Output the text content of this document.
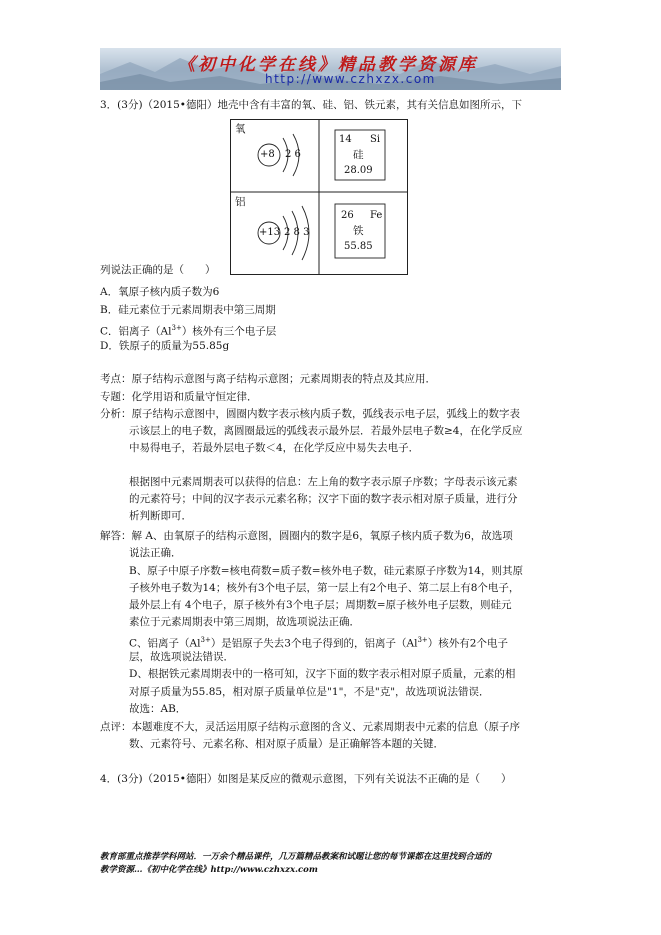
《初中化学在线》精品教学资源库
http://www.czhxzx.com
3．(3分)（2015•德阳）地壳中含有丰富的氧、硅、铝、铁元素，其有关信息如图所示，下
氧
+8 2 6
14 Si
硅
28.09
铝
+13 2 8 3
26 Fe
铁
55.85
列说法正确的是（　　）
A．氧原子核内质子数为6
B．硅元素位于元素周期表中第三周期
C．铝离子$(Al^{3+})$核外有三个电子层
D．铁原子的质量为55.85g
考点：原子结构示意图与离子结构示意图；元素周期表的特点及其应用．
专题：化学用语和质量守恒定律．
分析：原子结构示意图中，圆圈内数字表示核内质子数，弧线表示电子层，弧线上的数字表
示该层上的电子数，离圆圈最远的弧线表示最外层．若最外层电子数≥4，在化学反应
中易得电子，若最外层电子数＜4，在化学反应中易失去电子．
根据图中元素周期表可以获得的信息：左上角的数字表示原子序数；字母表示该元素
的元素符号；中间的汉字表示元素名称；汉字下面的数字表示相对原子质量，进行分
析判断即可．
解答：解 A、由氧原子的结构示意图，圆圈内的数字是6，氧原子核内质子数为6，故选项
说法正确．
B、原子中原子序数=核电荷数=质子数=核外电子数，硅元素原子序数为14，则其原
子核外电子数为14；核外有3个电子层，第一层上有2个电子、第二层上有8个电子，
最外层上有 4个电子，原子核外有3个电子层；周期数=原子核外电子层数，则硅元
素位于元素周期表中第三周期，故选项说法正确．
C、铝离子$(Al^{3+})$是铝原子失去3个电子得到的，铝离子$(Al^{3+})$核外有2个电子
层，故选项说法错误．
D、根据铁元素周期表中的一格可知，汉字下面的数字表示相对原子质量，元素的相
对原子质量为55.85，相对原子质量单位是"1"，不是"克"，故选项说法错误．
故选：AB．
点评：本题难度不大，灵活运用原子结构示意图的含义、元素周期表中元素的信息（原子序
数、元素符号、元素名称、相对原子质量）是正确解答本题的关键．
4．(3分)（2015•德阳）如图是某反应的微观示意图，下列有关说法不正确的是（　　）
教育部重点推荐学科网站．一万余个精品课件，几万篇精品教案和试题让您的每节课都在这里找到合适的
教学资源…《初中化学在线》http://www.czhxzx.com
